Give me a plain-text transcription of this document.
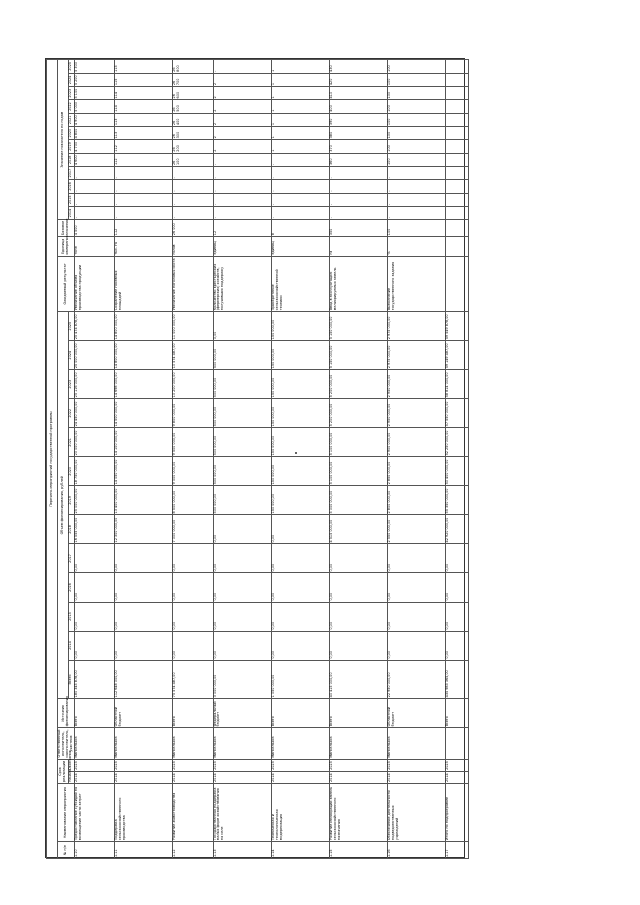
Перечень мероприятий государственной программы																																	
№ п/п	Наименование мероприятия	Срок реализации		Ответственный исполнитель, соисполнитель, участник	Источник финансирования	Объем финансирования, рублей													Ожидаемый результат	Единица измерения	Базовое значение	Значение показателя по годам											
		Начало	Окончание			Всего	2014	2015	2016	2017	2018	2019	2020	2021	2022	2023	2024	2025				2014	2015	2016	2017	2018	2019	2020	2021	2022	2023	2024	2025
1.10	Предоставление субсидий на возмещение части затрат	2014	2025	Минсельхоз	Всего	180 345 878,00	0,00	0,00	0,00	0,00	16 555 000,00	25 000 000,00	18 750 000,00	20 000 000,00	24 450 000,00	25 116 000,00	25 000 000,00	25 474 878,00	Увеличение объема производства продукции	тонн	4 500	-	-	-	-	4 600	4 700	4 800	4 900	5 000	5 100	5 200	5 300
1.11	Поддержка сельскохозяйственного производства	2014	2025	Минсельхоз	Областной бюджет	112 648 000,00	0,00	0,00	0,00	0,00	12 300 000,00	13 400 000,00	14 050 000,00	14 100 000,00	14 500 000,00	14 698 000,00	14 800 000,00	14 800 000,00	Сохранение посевных площадей	тыс. га	112	-	-	-	-	112	112	113	113	114	114	115	115
1.12	Развитие животноводства	2014	2025	Минсельхоз	Всего	75 574 487,00	0,00	0,00	0,00	0,00	7 000 000,00	8 500 000,00	9 000 000,00	9 500 000,00	9 800 000,00	10 200 000,00	10 574 487,00	11 000 000,00	Увеличение поголовья скота	голов	26 000	-	-	-	-	26 100	26 200	26 300	26 400	26 500	26 600	26 700	26 800
1.13	Государственная поддержка малых форм хозяйствования на селе	2014	2025	Минсельхоз	Федеральный бюджет	3 000 000,00	0,00	0,00	0,00	0,00	0,00	500 000,00	500 000,00	500 000,00	500 000,00	500 000,00	500 000,00	0,00	Количество крестьянских (фермерских) хозяйств, получивших поддержку	единиц	12	-	-	-	-	-	2	2	2	2	2	2	-
1.14	Техническая и технологическая модернизация	2014	2025	Минсельхоз	Всего	1 050 000,00	0,00	0,00	0,00	0,00	0,00	150 000,00	150 000,00	150 000,00	150 000,00	150 000,00	150 000,00	150 000,00	Приобретение сельскохозяйственной техники	единиц	8	-	-	-	-	-	1	1	1	1	1	1	1
1.15	Развитие мелиорации земель сельскохозяйственного назначения	2014	2025	Минсельхоз	Всего	40 415 000,00	0,00	0,00	0,00	0,00	4 515 000,00	5 000 000,00	5 100 000,00	5 100 000,00	5 200 000,00	5 200 000,00	5 150 000,00	5 150 000,00	Ввод в эксплуатацию мелиорируемых земель	га	350	-	-	-	-	360	370	380	390	400	410	420	430
1.16	Обеспечение деятельности подведомственных учреждений	2014	2025	Минсельхоз	Областной бюджет	22 950 000,00	0,00	0,00	0,00	0,00	2 550 000,00	2 800 000,00	2 850 000,00	2 900 000,00	2 950 000,00	2 950 000,00	2 975 000,00	2 975 000,00	Выполнение государственного задания	%	100	-	-	-	-	100	100	100	100	100	100	100	100
1.17	Итого по подпрограмме	2014	2025		Всего	435 983 365,00	0,00	0,00	0,00	0,00	42 920 000,00	55 350 000,00	50 400 000,00	52 250 000,00	57 550 000,00	58 814 000,00	59 149 487,00	59 549 878,00															
